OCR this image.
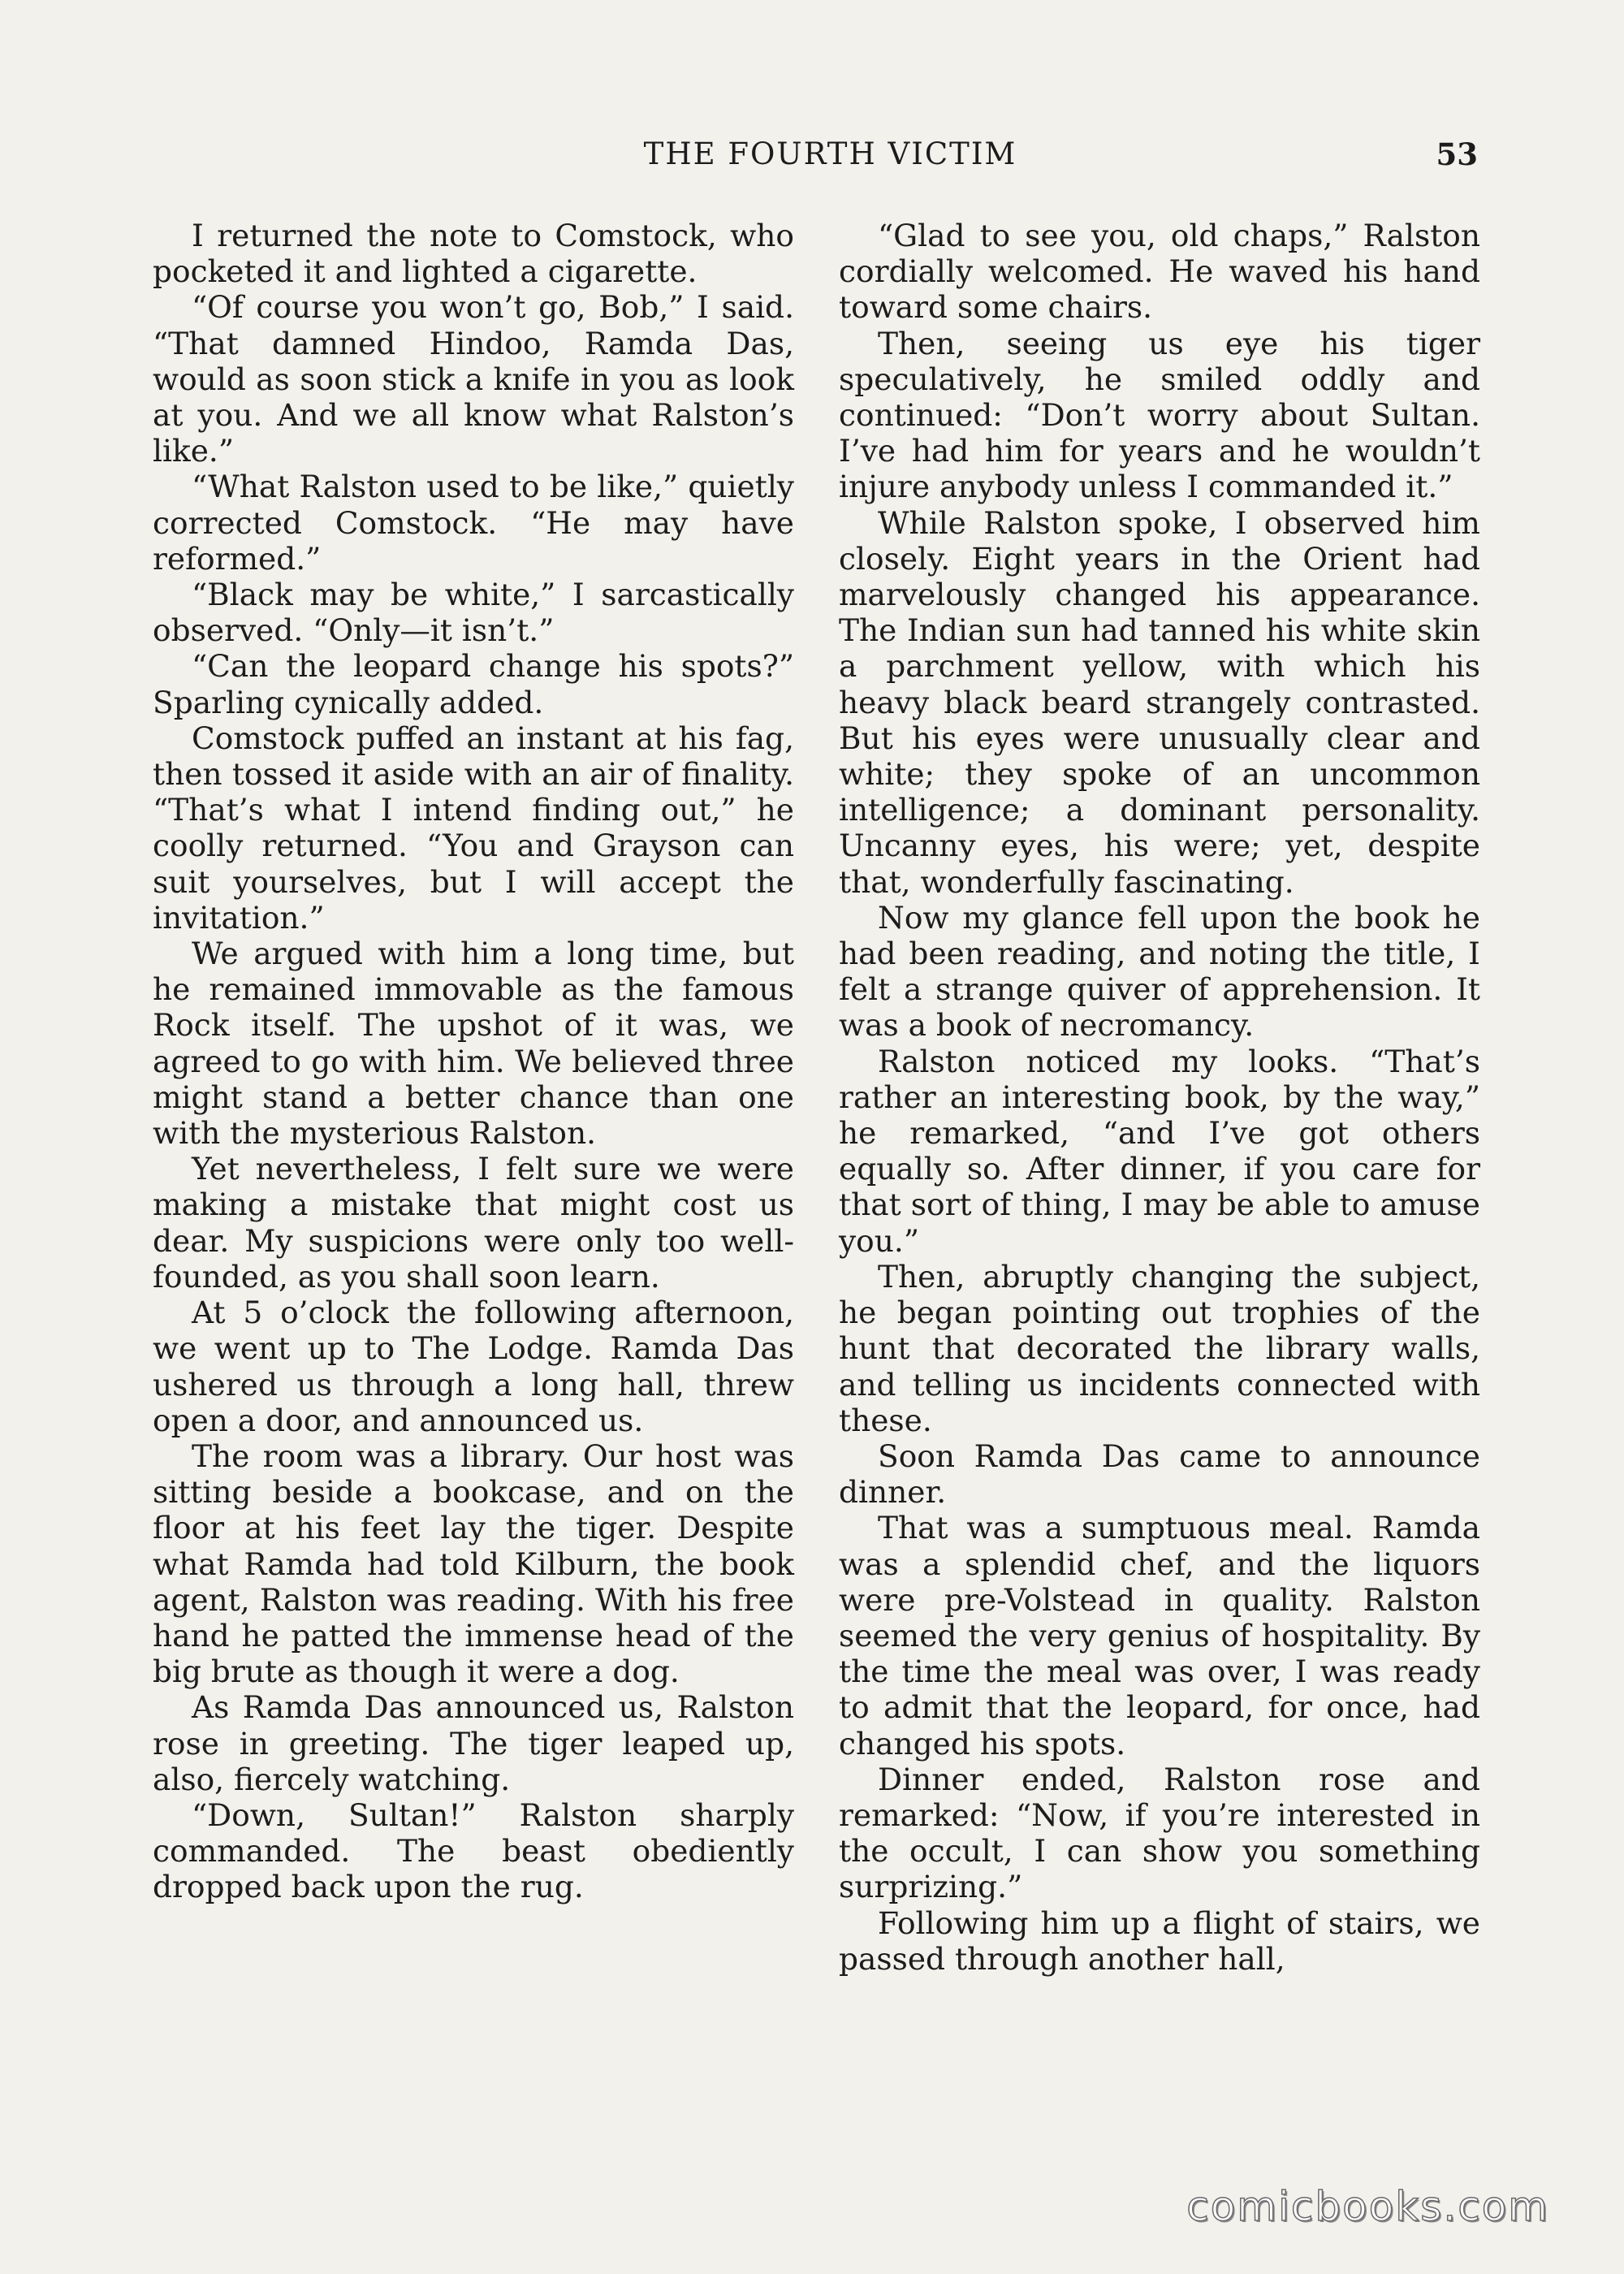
THE FOURTH VICTIM	53

I returned the note to Comstock, who pocketed it and lighted a cigarette.

“Of course you won’t go, Bob,” I said. “That damned Hindoo, Ramda Das, would as soon stick a knife in you as look at you. And we all know what Ralston’s like.”

“What Ralston used to be like,” quietly corrected Comstock. “He may have reformed.”

“Black may be white,” I sarcastically observed. “Only—it isn’t.”

“Can the leopard change his spots?” Sparling cynically added.

Comstock puffed an instant at his fag, then tossed it aside with an air of finality. “That’s what I intend finding out,” he coolly returned. “You and Grayson can suit yourselves, but I will accept the invitation.”

We argued with him a long time, but he remained immovable as the famous Rock itself. The upshot of it was, we agreed to go with him. We believed three might stand a better chance than one with the mysterious Ralston.

Yet nevertheless, I felt sure we were making a mistake that might cost us dear. My suspicions were only too well-founded, as you shall soon learn.

At 5 o’clock the following afternoon, we went up to The Lodge. Ramda Das ushered us through a long hall, threw open a door, and announced us.

The room was a library. Our host was sitting beside a bookcase, and on the floor at his feet lay the tiger. Despite what Ramda had told Kilburn, the book agent, Ralston was reading. With his free hand he patted the immense head of the big brute as though it were a dog.

As Ramda Das announced us, Ralston rose in greeting. The tiger leaped up, also, fiercely watching.

“Down, Sultan!” Ralston sharply commanded. The beast obediently dropped back upon the rug.

“Glad to see you, old chaps,” Ralston cordially welcomed. He waved his hand toward some chairs.

Then, seeing us eye his tiger speculatively, he smiled oddly and continued: “Don’t worry about Sultan. I’ve had him for years and he wouldn’t injure anybody unless I commanded it.”

While Ralston spoke, I observed him closely. Eight years in the Orient had marvelously changed his appearance. The Indian sun had tanned his white skin a parchment yellow, with which his heavy black beard strangely contrasted. But his eyes were unusually clear and white; they spoke of an uncommon intelligence; a dominant personality. Uncanny eyes, his were; yet, despite that, wonderfully fascinating.

Now my glance fell upon the book he had been reading, and noting the title, I felt a strange quiver of apprehension. It was a book of necromancy.

Ralston noticed my looks. “That’s rather an interesting book, by the way,” he remarked, “and I’ve got others equally so. After dinner, if you care for that sort of thing, I may be able to amuse you.”

Then, abruptly changing the subject, he began pointing out trophies of the hunt that decorated the library walls, and telling us incidents connected with these.

Soon Ramda Das came to announce dinner.

That was a sumptuous meal. Ramda was a splendid chef, and the liquors were pre-Volstead in quality. Ralston seemed the very genius of hospitality. By the time the meal was over, I was ready to admit that the leopard, for once, had changed his spots.

Dinner ended, Ralston rose and remarked: “Now, if you’re interested in the occult, I can show you something surprizing.”

Following him up a flight of stairs, we passed through another hall,

comicbooks.com
